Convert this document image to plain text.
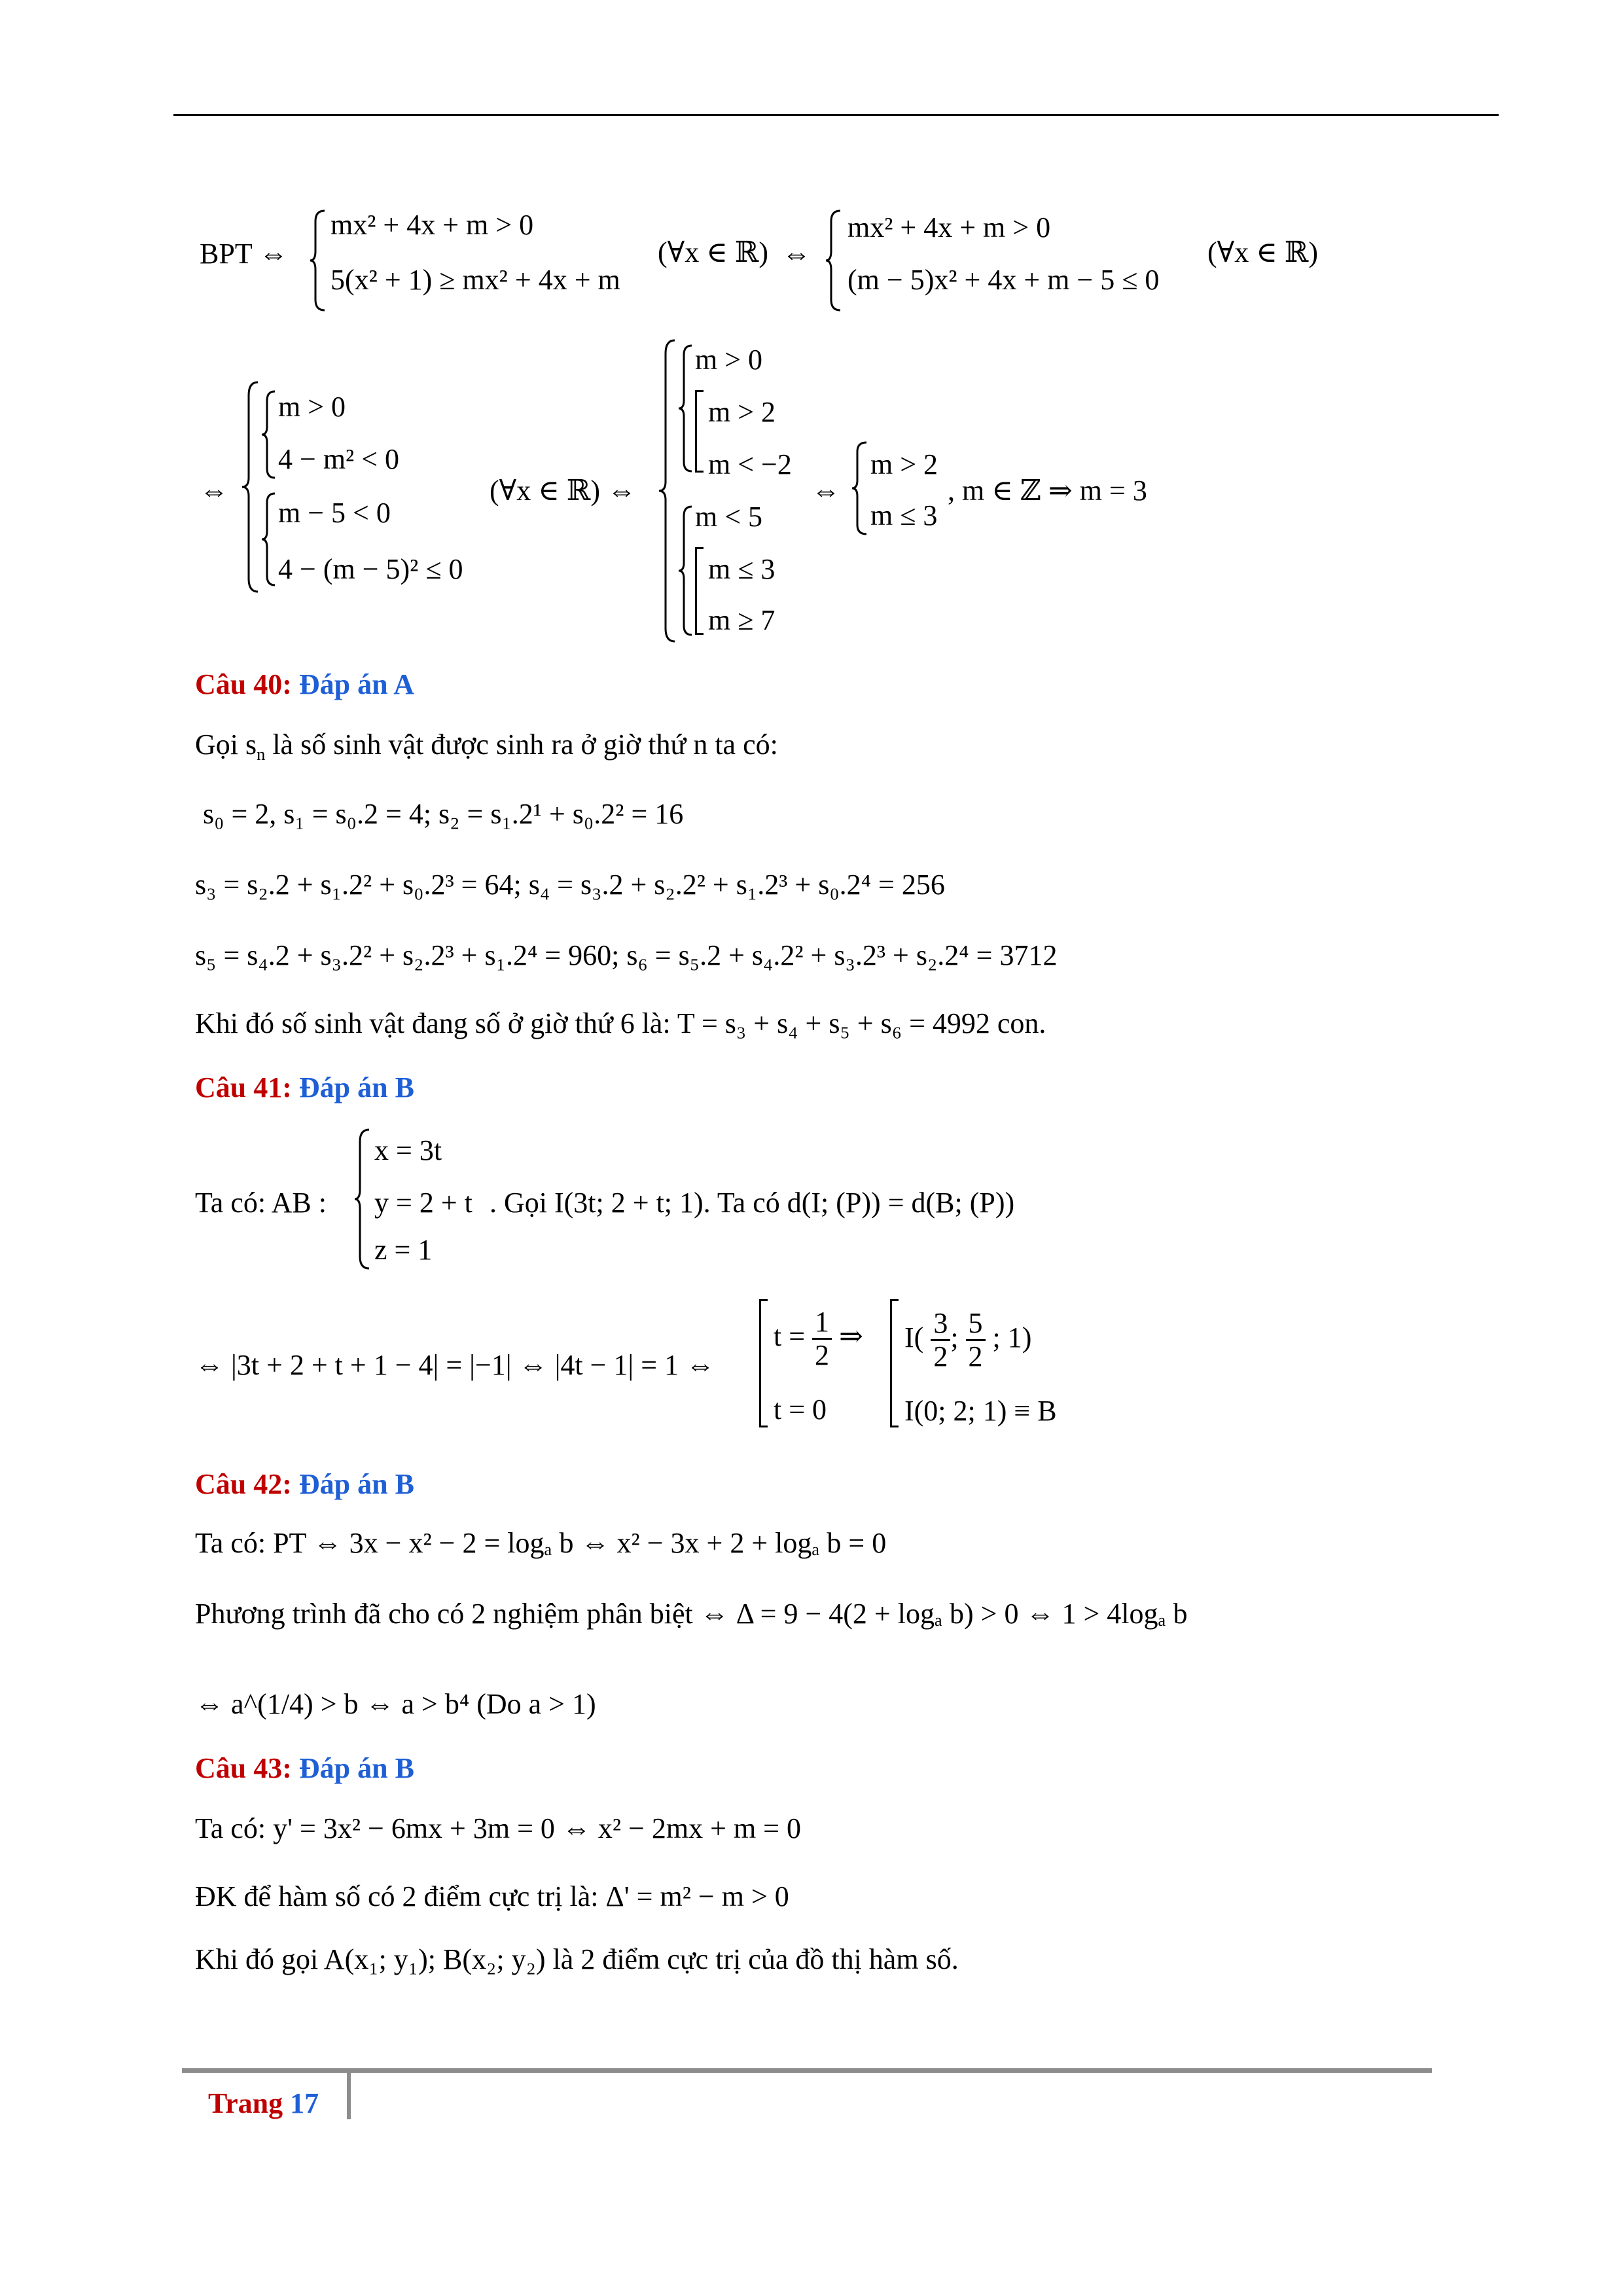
BPT ⇔
mx² + 4x + m > 0
5(x² + 1) ≥ mx² + 4x + m
(∀x ∈ ℝ) ⇔
mx² + 4x + m > 0
(m − 5)x² + 4x + m − 5 ≤ 0
(∀x ∈ ℝ)
⇔
m > 0
4 − m² < 0
m − 5 < 0
4 − (m − 5)² ≤ 0
(∀x ∈ ℝ) ⇔
m > 0
m > 2
m < −2
m < 5
m ≤ 3
m ≥ 7
⇔
m > 2
m ≤ 3
, m ∈ ℤ ⇒ m = 3
Câu 40: Đáp án A
Gọi $s_n$ là số sinh vật được sinh ra ở giờ thứ n ta có:
s₀ = 2, s₁ = s₀.2 = 4; s₂ = s₁.2¹ + s₀.2² = 16
s₃ = s₂.2 + s₁.2² + s₀.2³ = 64; s₄ = s₃.2 + s₂.2² + s₁.2³ + s₀.2⁴ = 256
s₅ = s₄.2 + s₃.2² + s₂.2³ + s₁.2⁴ = 960; s₆ = s₅.2 + s₄.2² + s₃.2³ + s₂.2⁴ = 3712
Khi đó số sinh vật đang số ở giờ thứ 6 là: T = s₃ + s₄ + s₅ + s₆ = 4992 con.
Câu 41: Đáp án B
Ta có: AB :
x = 3t
y = 2 + t
z = 1
. Gọi I(3t; 2 + t; 1). Ta có d(I; (P)) = d(B; (P))
⇔ |3t + 2 + t + 1 − 4| = |−1| ⇔ |4t − 1| = 1 ⇔
$t = \frac{1}{2}$ ⇒
t = 0
$I( \frac{3}{2}$ ; $\frac{5}{2}$ ; 1)
I(0; 2; 1) ≡ B
Câu 42: Đáp án B
Ta có: PT ⇔ 3x − x² − 2 = logₐ b ⇔ x² − 3x + 2 + logₐ b = 0
Phương trình đã cho có 2 nghiệm phân biệt ⇔ Δ = 9 − 4(2 + logₐ b) > 0 ⇔ 1 > 4logₐ b
⇔ a^(1/4) > b ⇔ a > b⁴ (Do a > 1)
Câu 43: Đáp án B
Ta có: y' = 3x² − 6mx + 3m = 0 ⇔ x² − 2mx + m = 0
ĐK để hàm số có 2 điểm cực trị là: Δ' = m² − m > 0
Khi đó gọi A(x₁; y₁); B(x₂; y₂) là 2 điểm cực trị của đồ thị hàm số.
Trang 17
